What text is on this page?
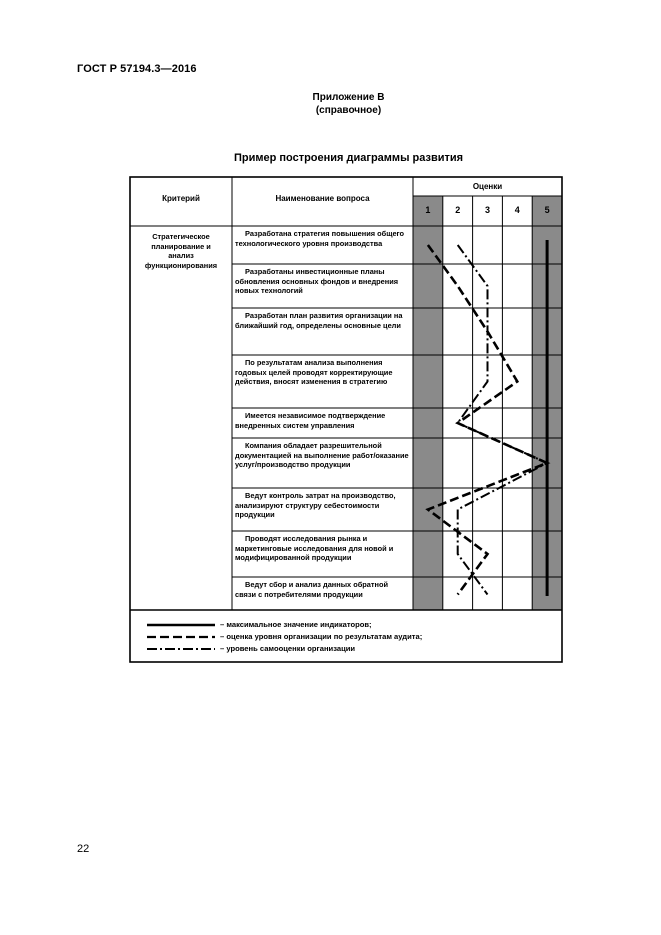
ГОСТ Р 57194.3—2016
Приложение В
(справочное)
Пример построения диаграммы развития
Критерий	Наименование вопроса
Оценки
1	2	3	4	5
Стратегическое планирование и анализ функционирования
Разработана стратегия повышения общего технологического уровня производства
Разработаны инвестиционные планы обновления основных фондов и внедрения новых технологий
Разработан план развития организации на ближайший год, определены основные цели
По результатам анализа выполнения годовых целей проводят корректирующие действия, вносят изменения в стратегию
Имеется независимое подтверждение внедренных систем управления
Компания обладает разрешительной документацией на выполнение работ/оказание услуг/производство продукции
Ведут контроль затрат на производство, анализируют структуру себестоимости продукции
Проводят исследования рынка и маркетинговые исследования для новой и модифицированной продукции
Ведут сбор и анализ данных обратной связи с потребителями продукции
– максимальное значение индикаторов;
– оценка уровня организации по результатам аудита;
– уровень самооценки организации
22
